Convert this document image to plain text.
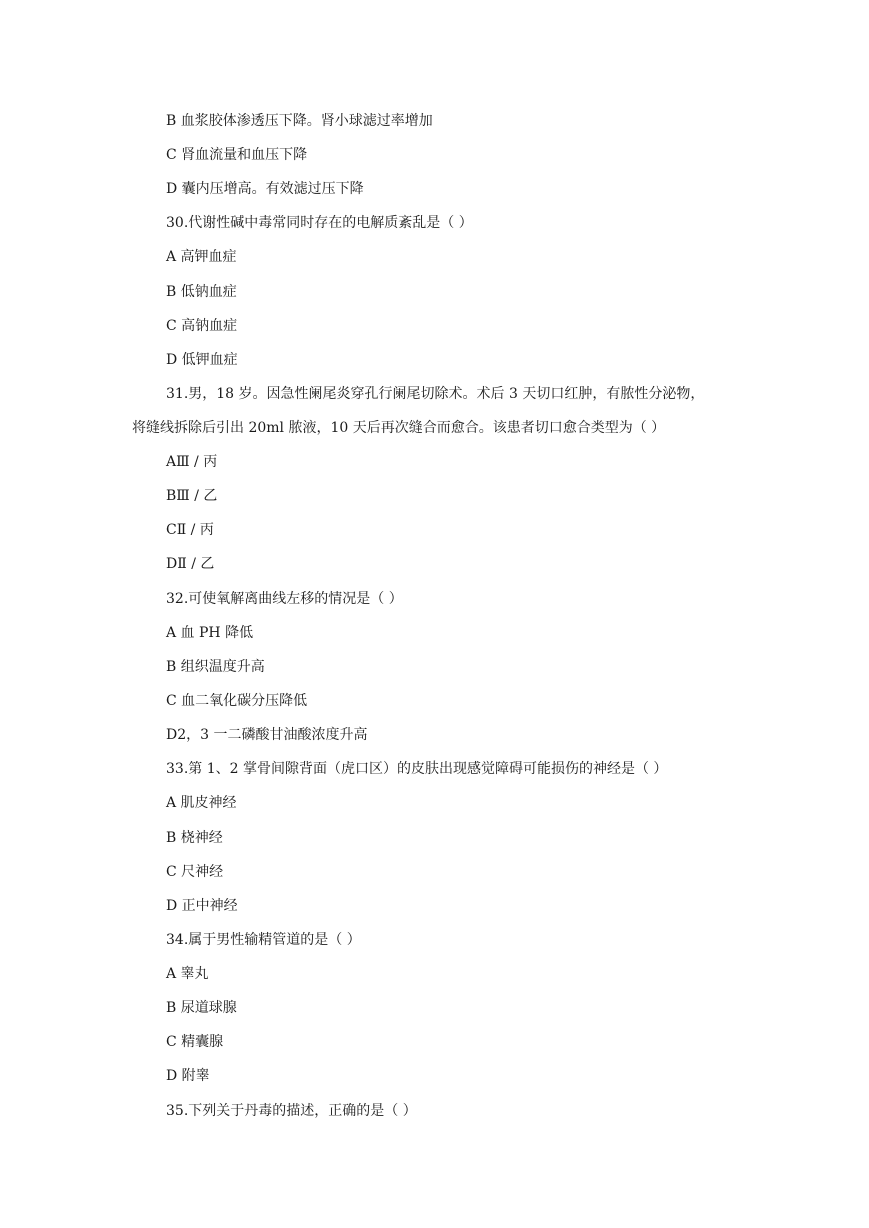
B 血浆胶体渗透压下降。肾小球滤过率增加
C 肾血流量和血压下降
D 囊内压增高。有效滤过压下降
30.代谢性碱中毒常同时存在的电解质紊乱是（ ）
A 高钾血症
B 低钠血症
C 高钠血症
D 低钾血症
31.男，18 岁。因急性阑尾炎穿孔行阑尾切除术。术后 3 天切口红肿，有脓性分泌物，
将缝线拆除后引出 20ml 脓液，10 天后再次缝合而愈合。该患者切口愈合类型为（ ）
AⅢ / 丙
BⅢ / 乙
CⅡ / 丙
DⅡ / 乙
32.可使氧解离曲线左移的情况是（ ）
A 血 PH 降低
B 组织温度升高
C 血二氧化碳分压降低
D2，3 一二磷酸甘油酸浓度升高
33.第 1、2 掌骨间隙背面（虎口区）的皮肤出现感觉障碍可能损伤的神经是（ ）
A 肌皮神经
B 桡神经
C 尺神经
D 正中神经
34.属于男性输精管道的是（ ）
A 睾丸
B 尿道球腺
C 精囊腺
D 附睾
35.下列关于丹毒的描述，正确的是（ ）
